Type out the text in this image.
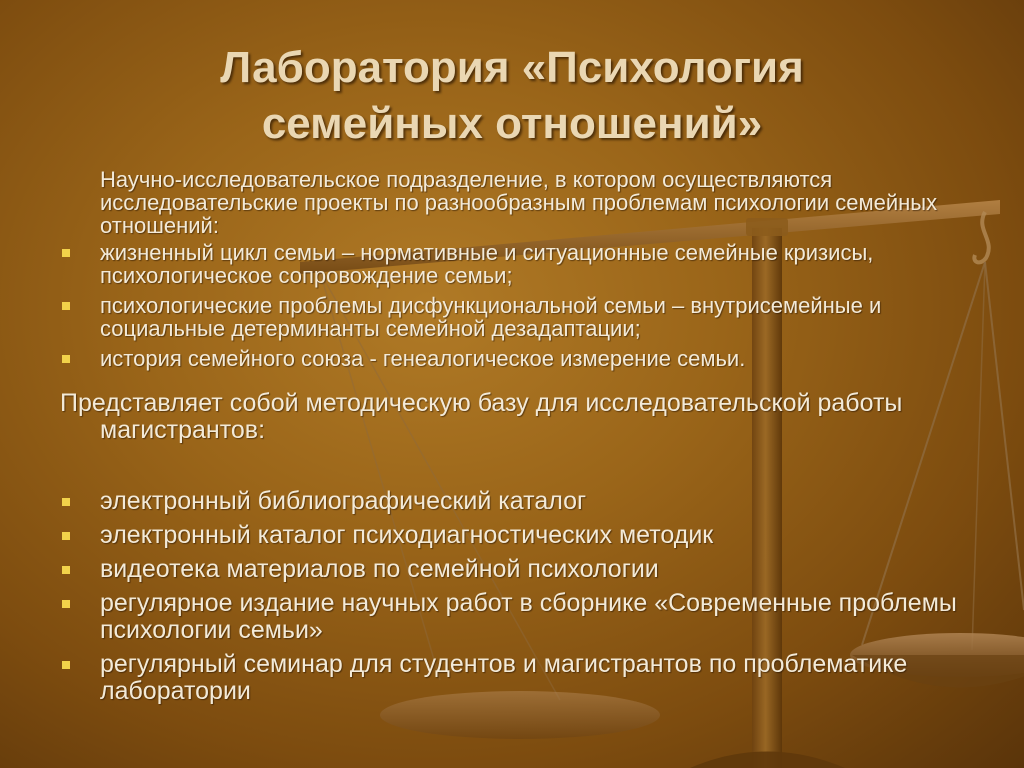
Лаборатория «Психология
семейных отношений»

Научно-исследовательское подразделение, в котором осуществляются исследовательские проекты по разнообразным проблемам психологии семейных отношений:

жизненный цикл семьи – нормативные и ситуационные семейные кризисы, психологическое сопровождение семьи;
психологические проблемы дисфункциональной семьи – внутрисемейные и социальные детерминанты семейной дезадаптации;
история семейного союза - генеалогическое измерение семьи.

Представляет собой методическую базу для исследовательской работы магистрантов:

электронный библиографический каталог
электронный каталог психодиагностических методик
видеотека материалов по семейной психологии
регулярное издание научных работ в сборнике «Современные проблемы психологии семьи»
регулярный семинар для студентов и магистрантов по проблематике лаборатории
